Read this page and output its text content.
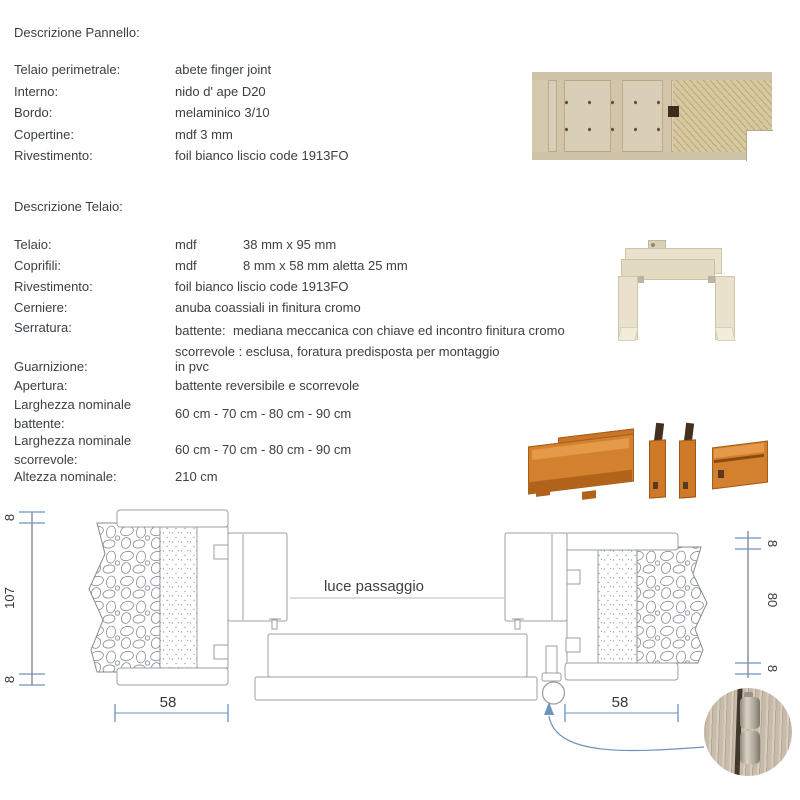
Descrizione Pannello:
Telaio perimetrale:	abete finger joint
Interno:	nido d' ape D20
Bordo:	melaminico 3/10
Copertine:	mdf 3 mm
Rivestimento:	foil bianco liscio code 1913FO
Descrizione Telaio:
Telaio:	mdf	38 mm x 95 mm
Coprifili:	mdf	8 mm x 58 mm aletta 25 mm
Rivestimento:	foil bianco liscio code 1913FO
Cerniere:	anuba coassiali in finitura cromo
Serratura:	battente: mediana meccanica con chiave ed incontro finitura cromo
scorrevole : esclusa, foratura predisposta per montaggio
Guarnizione:	in pvc
Apertura:	battente reversibile e scorrevole
Larghezza nominale
battente:
60 cm - 70 cm - 80 cm - 90 cm
Larghezza nominale
scorrevole:
60 cm - 70 cm - 80 cm - 90 cm
Altezza nominale:	210 cm
luce passaggio
8
107
8
8
80
8
58	58
